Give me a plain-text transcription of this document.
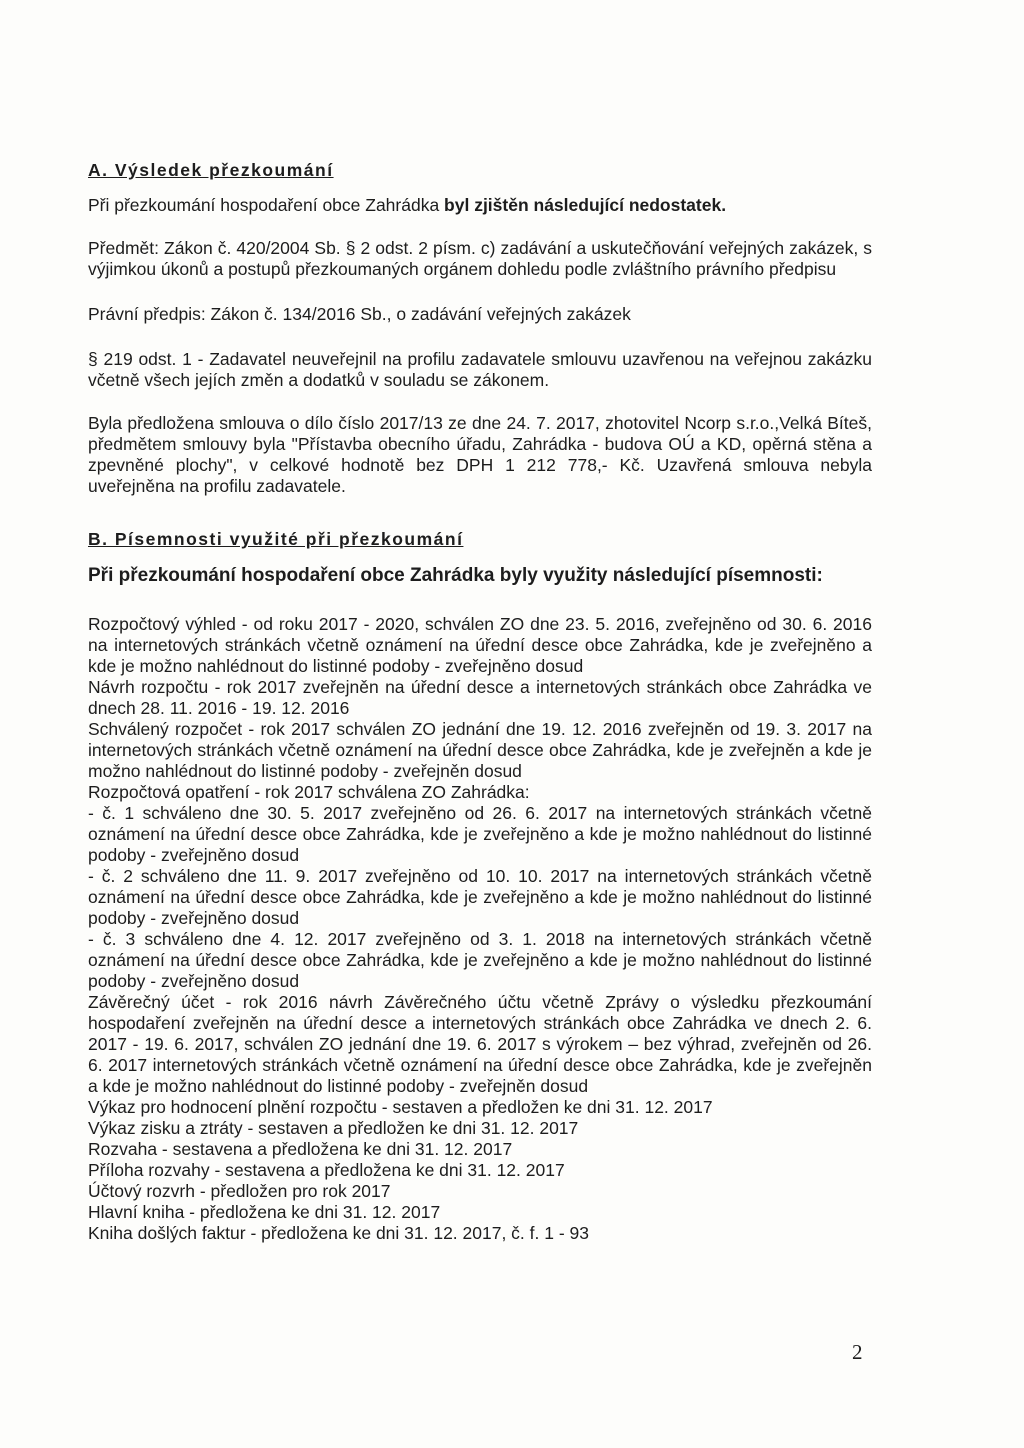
A. Výsledek přezkoumání

Při přezkoumání hospodaření obce Zahrádka byl zjištěn následující nedostatek.

Předmět: Zákon č. 420/2004 Sb. § 2 odst. 2 písm. c) zadávání a uskutečňování veřejných zakázek, s výjimkou úkonů a postupů přezkoumaných orgánem dohledu podle zvláštního právního předpisu

Právní předpis: Zákon č. 134/2016 Sb., o zadávání veřejných zakázek

§ 219 odst. 1 - Zadavatel neuveřejnil na profilu zadavatele smlouvu uzavřenou na veřejnou zakázku včetně všech jejích změn a dodatků v souladu se zákonem.

Byla předložena smlouva o dílo číslo 2017/13 ze dne 24. 7. 2017, zhotovitel Ncorp s.r.o.,Velká Bíteš, předmětem smlouvy byla "Přístavba obecního úřadu, Zahrádka - budova OÚ a KD, opěrná stěna a zpevněné plochy", v celkové hodnotě bez DPH 1 212 778,- Kč. Uzavřená smlouva nebyla uveřejněna na profilu zadavatele.

B. Písemnosti využité při přezkoumání

Při přezkoumání hospodaření obce Zahrádka byly využity následující písemnosti:

Rozpočtový výhled - od roku 2017 - 2020, schválen ZO dne 23. 5. 2016, zveřejněno od 30. 6. 2016 na internetových stránkách včetně oznámení na úřední desce obce Zahrádka, kde je zveřejněno a kde je možno nahlédnout do listinné podoby - zveřejněno dosud

Návrh rozpočtu - rok 2017 zveřejněn na úřední desce a internetových stránkách obce Zahrádka ve dnech 28. 11. 2016 - 19. 12. 2016

Schválený rozpočet - rok 2017 schválen ZO jednání dne 19. 12. 2016 zveřejněn od 19. 3. 2017 na internetových stránkách včetně oznámení na úřední desce obce Zahrádka, kde je zveřejněn a kde je možno nahlédnout do listinné podoby - zveřejněn dosud

Rozpočtová opatření - rok 2017 schválena ZO Zahrádka:

- č. 1 schváleno dne 30. 5. 2017 zveřejněno od 26. 6. 2017 na internetových stránkách včetně oznámení na úřední desce obce Zahrádka, kde je zveřejněno a kde je možno nahlédnout do listinné podoby - zveřejněno dosud

- č. 2 schváleno dne 11. 9. 2017 zveřejněno od 10. 10. 2017 na internetových stránkách včetně oznámení na úřední desce obce Zahrádka, kde je zveřejněno a kde je možno nahlédnout do listinné podoby - zveřejněno dosud

- č. 3 schváleno dne 4. 12. 2017 zveřejněno od 3. 1. 2018 na internetových stránkách včetně oznámení na úřední desce obce Zahrádka, kde je zveřejněno a kde je možno nahlédnout do listinné podoby - zveřejněno dosud

Závěrečný účet - rok 2016 návrh Závěrečného účtu včetně Zprávy o výsledku přezkoumání hospodaření zveřejněn na úřední desce a internetových stránkách obce Zahrádka ve dnech 2. 6. 2017 - 19. 6. 2017, schválen ZO jednání dne 19. 6. 2017 s výrokem – bez výhrad, zveřejněn od 26. 6. 2017 internetových stránkách včetně oznámení na úřední desce obce Zahrádka, kde je zveřejněn a kde je možno nahlédnout do listinné podoby - zveřejněn dosud

Výkaz pro hodnocení plnění rozpočtu - sestaven a předložen ke dni 31. 12. 2017

Výkaz zisku a ztráty - sestaven a předložen ke dni 31. 12. 2017

Rozvaha - sestavena a předložena ke dni 31. 12. 2017

Příloha rozvahy - sestavena a předložena ke dni 31. 12. 2017

Účtový rozvrh - předložen pro rok 2017

Hlavní kniha - předložena ke dni 31. 12. 2017

Kniha došlých faktur - předložena ke dni 31. 12. 2017, č. f. 1 - 93

2
